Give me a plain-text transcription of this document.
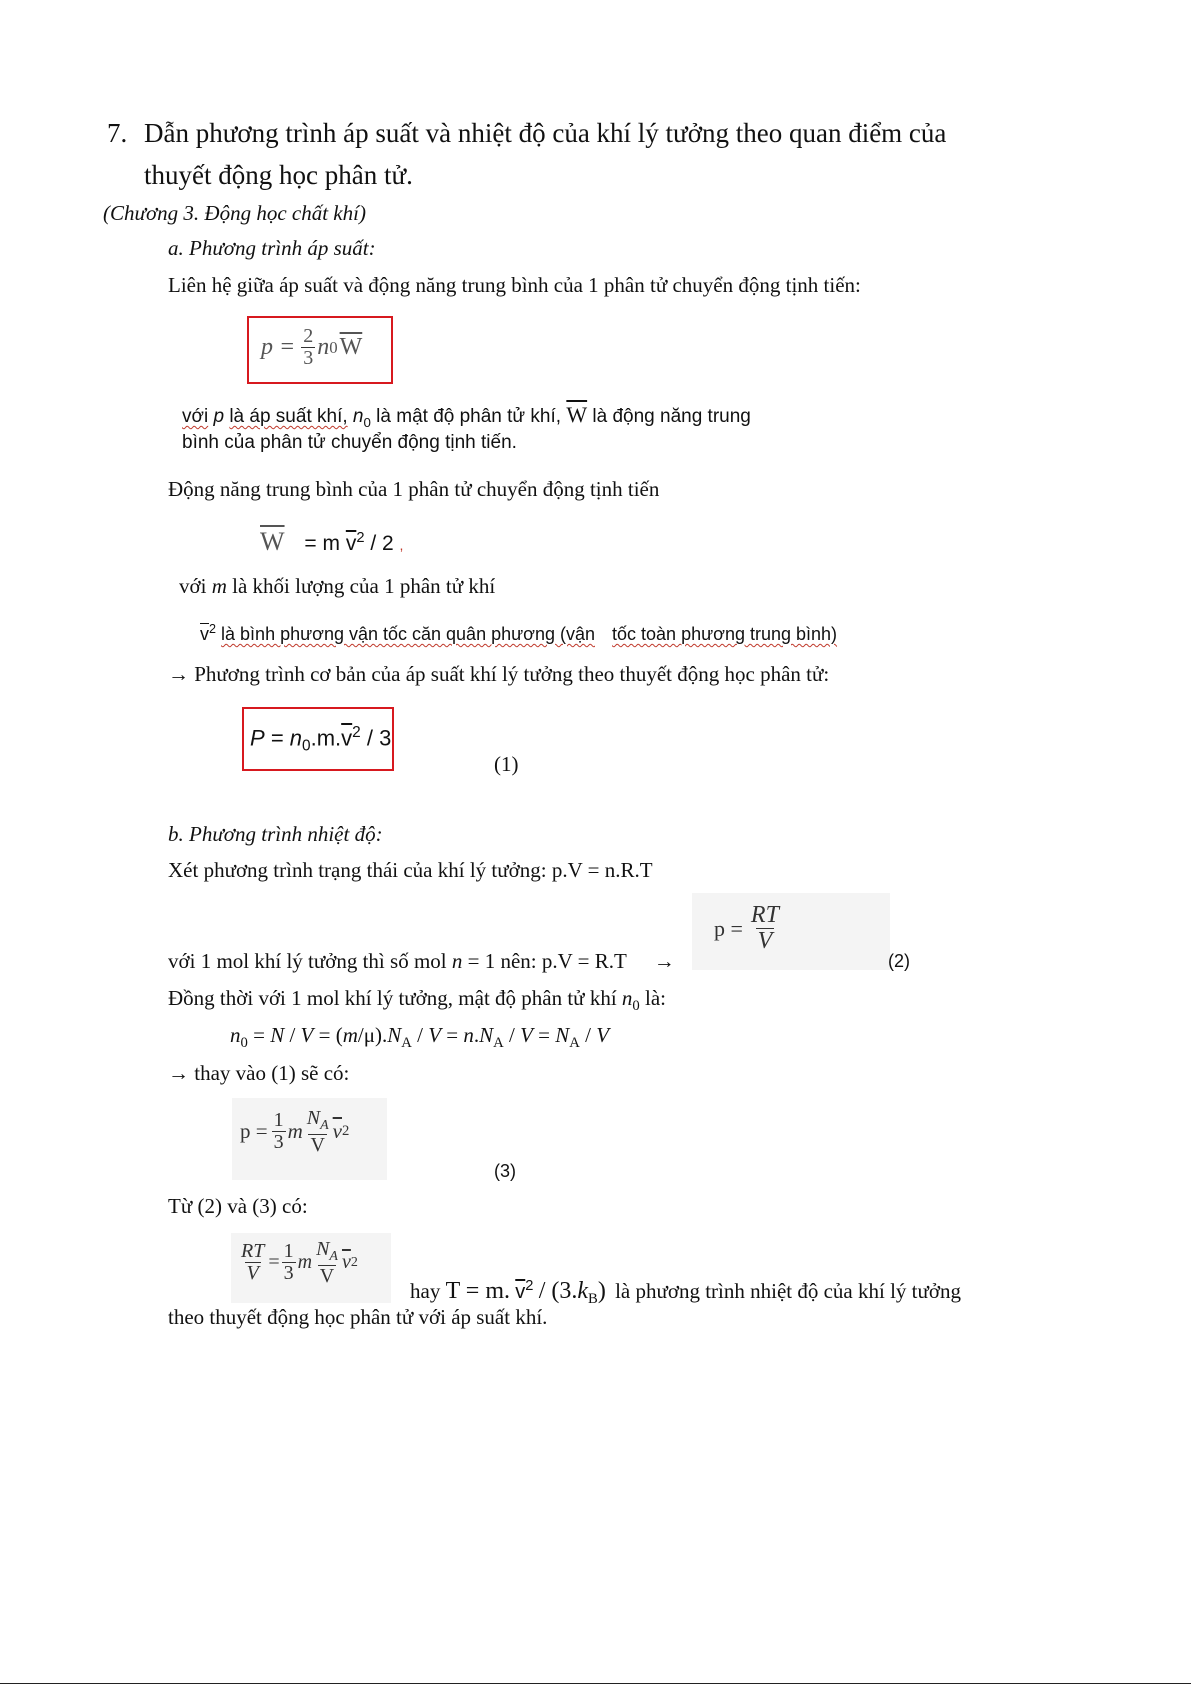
7. Dẫn phương trình áp suất và nhiệt độ của khí lý tưởng theo quan điểm của
thuyết động học phân tử.
(Chương 3. Động học chất khí)
a. Phương trình áp suất:
Liên hệ giữa áp suất và động năng trung bình của 1 phân tử chuyển động tịnh tiến:
$p = \frac{2}{3}$ n 0 $\overline{W}$
với p là áp suất khí, $n_0$ là mật độ phân tử khí, $\overline{W}$ là động năng trung
bình của phân tử chuyển động tịnh tiến.
Động năng trung bình của 1 phân tử chuyển động tịnh tiến
$\overline{W} = m$ $\overline{v}^2 / 2$ ,
với m là khối lượng của 1 phân tử khí
$\overline{v}^2$ là bình phương vận tốc căn quân phương (vận tốc toàn phương trung bình)
→ Phương trình cơ bản của áp suất khí lý tưởng theo thuyết động học phân tử:
$P = n_0.m.\overline{v}^2 / 3$
(1)
b. Phương trình nhiệt độ:
Xét phương trình trạng thái của khí lý tưởng: p.V = n.R.T
$p = \frac{RT}{V}$
với 1 mol khí lý tưởng thì số mol n = 1 nên: p.V = R.T →	(2)
Đồng thời với 1 mol khí lý tưởng, mật độ phân tử khí $n_0$ là:
$n_0 = N / V = (m/\mu).N_A / V = n.N_A / V = N_A / V$
→ thay vào (1) sẽ có:
$p = \frac{1}{3}$ m $\frac{N_A}{V} \overline{v}$ 2
(3)
Từ (2) và (3) có:
$\frac{RT}{V} = \frac{1}{3}$ m $\frac{N_A}{V} \overline{v}$ 2
hay T = m. $\overline{v}^2 / (3.k_B)$ là phương trình nhiệt độ của khí lý tưởng
theo thuyết động học phân tử với áp suất khí.
